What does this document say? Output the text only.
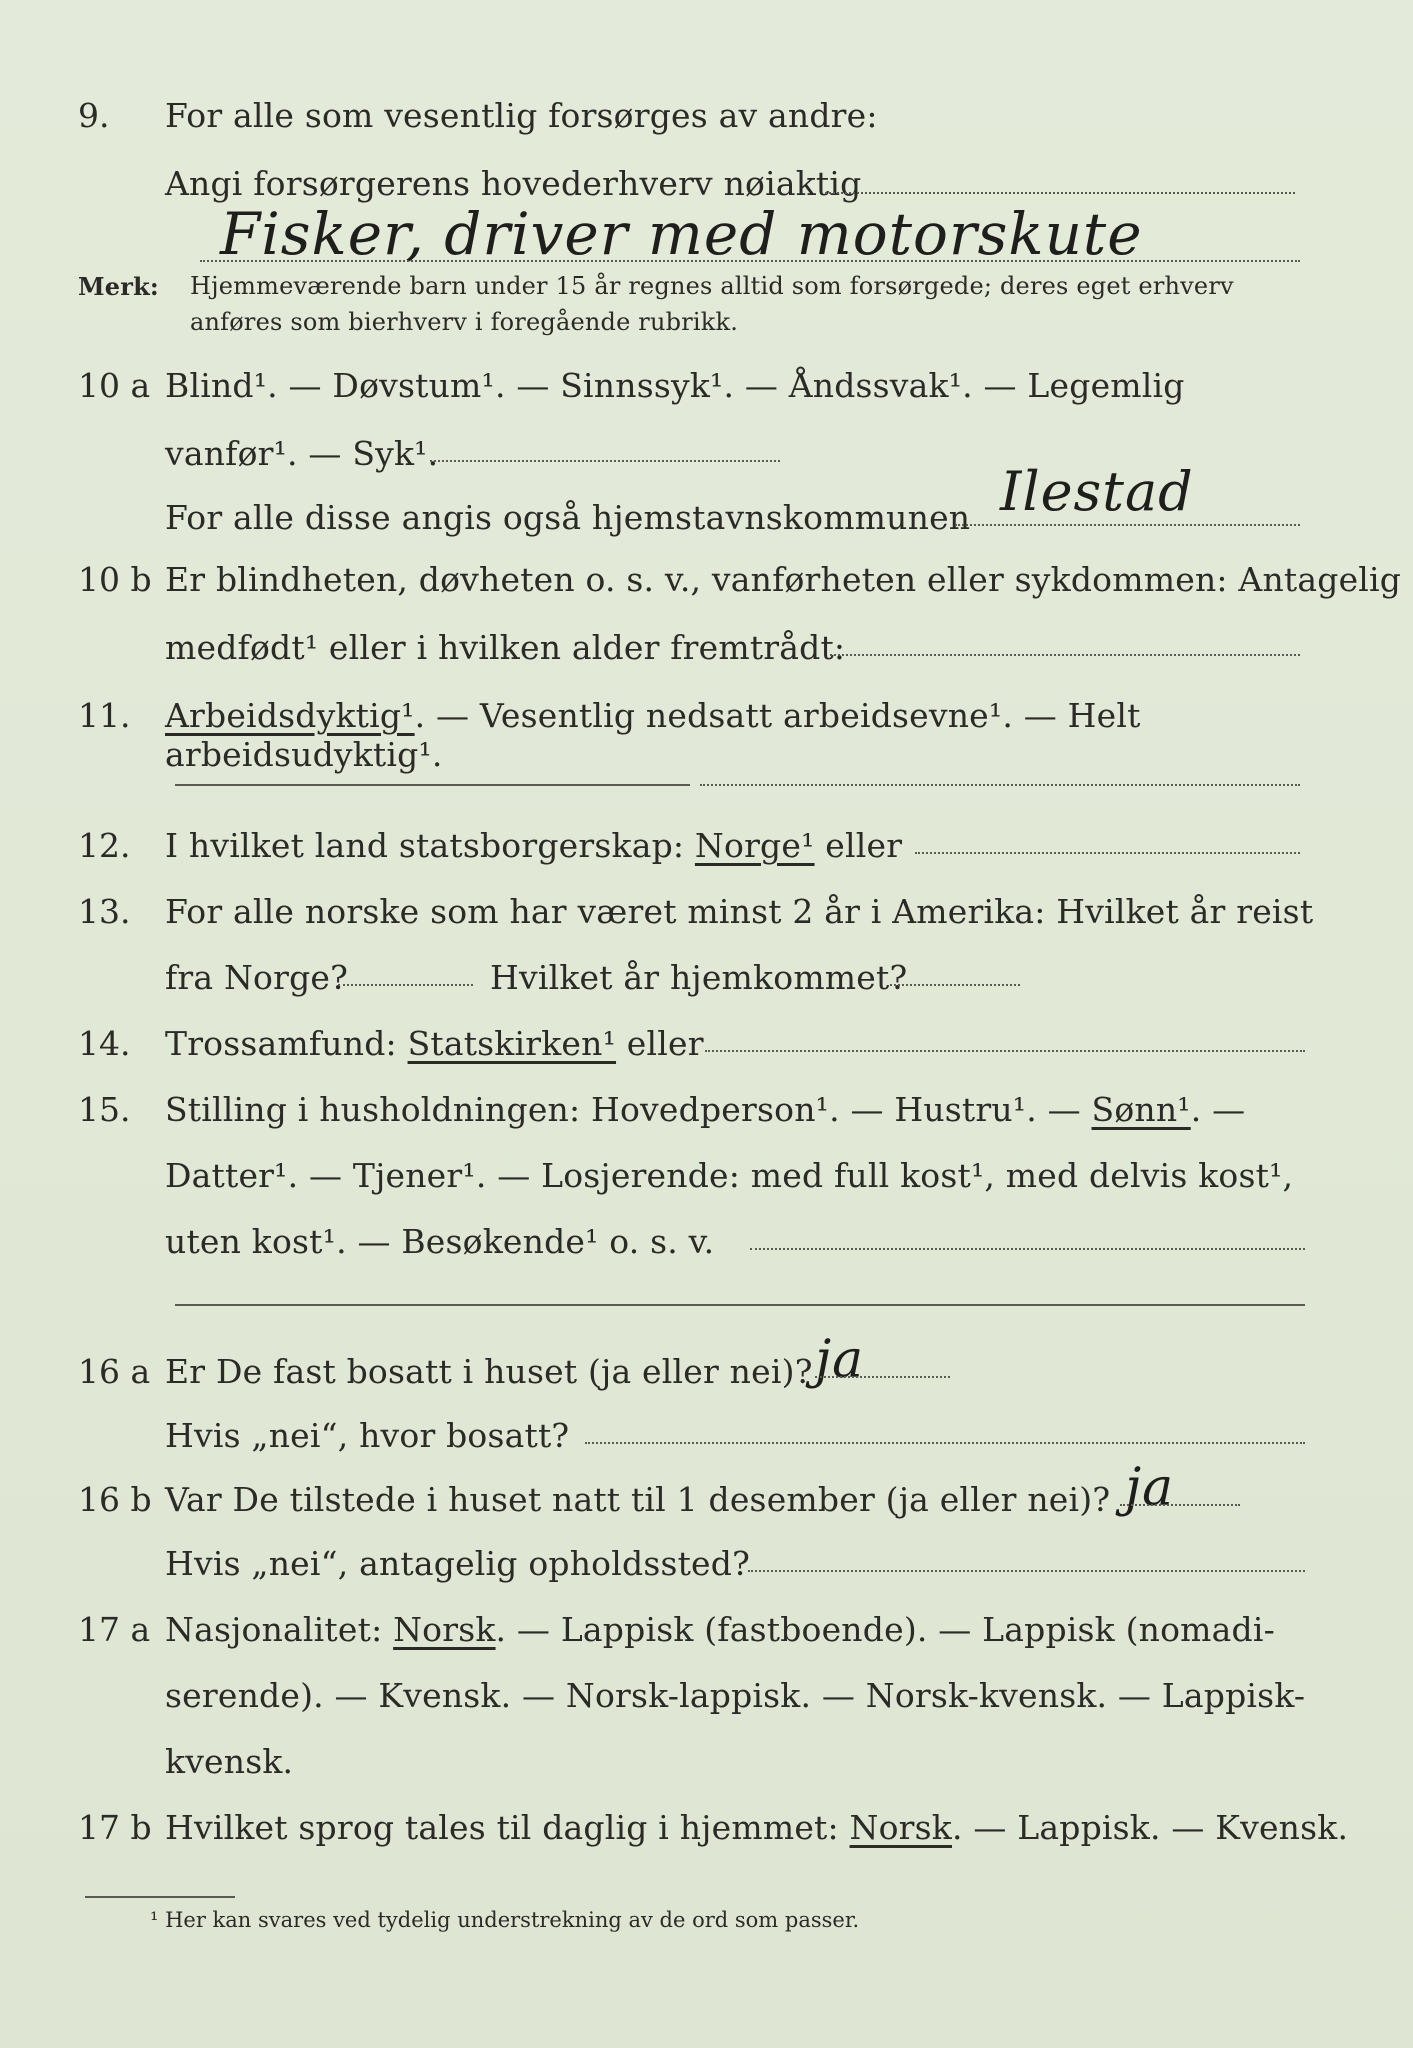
9.	For alle som vesentlig forsørges av andre:
Angi forsørgerens hovederhverv nøiaktig
Fisker, driver med motorskute
Merk: Hjemmeværende barn under 15 år regnes alltid som forsørgede; deres eget erhverv
anføres som bierhverv i foregående rubrikk.
10 a Blind¹. — Døvstum¹. — Sinnssyk¹. — Åndssvak¹. — Legemlig
vanfør¹. — Syk¹.
For alle disse angis også hjemstavnskommunen Ilestad
10 b Er blindheten, døvheten o. s. v., vanførheten eller sykdommen: Antagelig
medfødt¹ eller i hvilken alder fremtrådt:
11.	Arbeidsdyktig¹. — Vesentlig nedsatt arbeidsevne¹. — Helt arbeidsudyktig¹.
12.	I hvilket land statsborgerskap: Norge¹ eller
13.	For alle norske som har været minst 2 år i Amerika: Hvilket år reist
fra Norge?	Hvilket år hjemkommet?
14.	Trossamfund: Statskirken¹ eller
15.	Stilling i husholdningen: Hovedperson¹. — Hustru¹. — Sønn¹. —
Datter¹. — Tjener¹. — Losjerende: med full kost¹, med delvis kost¹,
uten kost¹. — Besøkende¹ o. s. v.
16 a Er De fast bosatt i huset (ja eller nei)? ja
Hvis „nei“, hvor bosatt?
16 b Var De tilstede i huset natt til 1 desember (ja eller nei)? ja
Hvis „nei“, antagelig opholdssted?
17 a Nasjonalitet: Norsk. — Lappisk (fastboende). — Lappisk (nomadi-
serende). — Kvensk. — Norsk-lappisk. — Norsk-kvensk. — Lappisk-
kvensk.
17 b Hvilket sprog tales til daglig i hjemmet: Norsk. — Lappisk. — Kvensk.
¹ Her kan svares ved tydelig understrekning av de ord som passer.
